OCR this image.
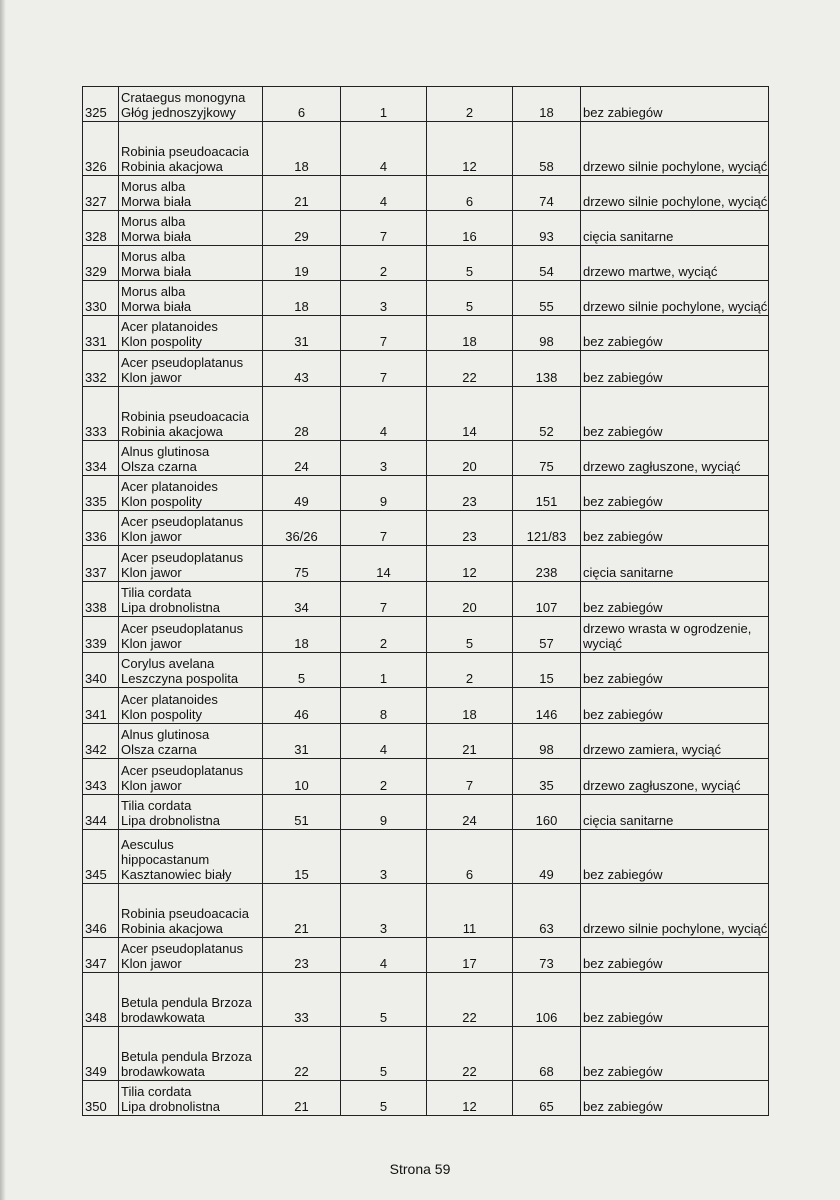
325	Crataegus monogyna
Głóg jednoszyjkowy	6	1	2	18	bez zabiegów

326	Robinia pseudoacacia
Robinia akacjowa	18	4	12	58	drzewo silnie pochylone, wyciąć

327	Morus alba
Morwa biała	21	4	6	74	drzewo silnie pochylone, wyciąć

328	Morus alba
Morwa biała	29	7	16	93	cięcia sanitarne

329	Morus alba
Morwa biała	19	2	5	54	drzewo martwe, wyciąć

330	Morus alba
Morwa biała	18	3	5	55	drzewo silnie pochylone, wyciąć

331	Acer platanoides
Klon pospolity	31	7	18	98	bez zabiegów

332	Acer pseudoplatanus
Klon jawor	43	7	22	138	bez zabiegów

333	Robinia pseudoacacia
Robinia akacjowa	28	4	14	52	bez zabiegów

334	Alnus glutinosa
Olsza czarna	24	3	20	75	drzewo zagłuszone, wyciąć

335	Acer platanoides
Klon pospolity	49	9	23	151	bez zabiegów

336	Acer pseudoplatanus
Klon jawor	36/26	7	23	121/83	bez zabiegów

337	Acer pseudoplatanus
Klon jawor	75	14	12	238	cięcia sanitarne

338	Tilia cordata
Lipa drobnolistna	34	7	20	107	bez zabiegów

339	Acer pseudoplatanus
Klon jawor	18	2	5	57	drzewo wrasta w ogrodzenie,
wyciąć

340	Corylus avelana
Leszczyna pospolita	5	1	2	15	bez zabiegów

341	Acer platanoides
Klon pospolity	46	8	18	146	bez zabiegów

342	Alnus glutinosa
Olsza czarna	31	4	21	98	drzewo zamiera, wyciąć

343	Acer pseudoplatanus
Klon jawor	10	2	7	35	drzewo zagłuszone, wyciąć

344	Tilia cordata
Lipa drobnolistna	51	9	24	160	cięcia sanitarne

345	Aesculus
hippocastanum
Kasztanowiec biały	15	3	6	49	bez zabiegów

346	Robinia pseudoacacia
Robinia akacjowa	21	3	11	63	drzewo silnie pochylone, wyciąć

347	Acer pseudoplatanus
Klon jawor	23	4	17	73	bez zabiegów

348	Betula pendula Brzoza
brodawkowata	33	5	22	106	bez zabiegów

349	Betula pendula Brzoza
brodawkowata	22	5	22	68	bez zabiegów

350	Tilia cordata
Lipa drobnolistna	21	5	12	65	bez zabiegów
Strona 59
